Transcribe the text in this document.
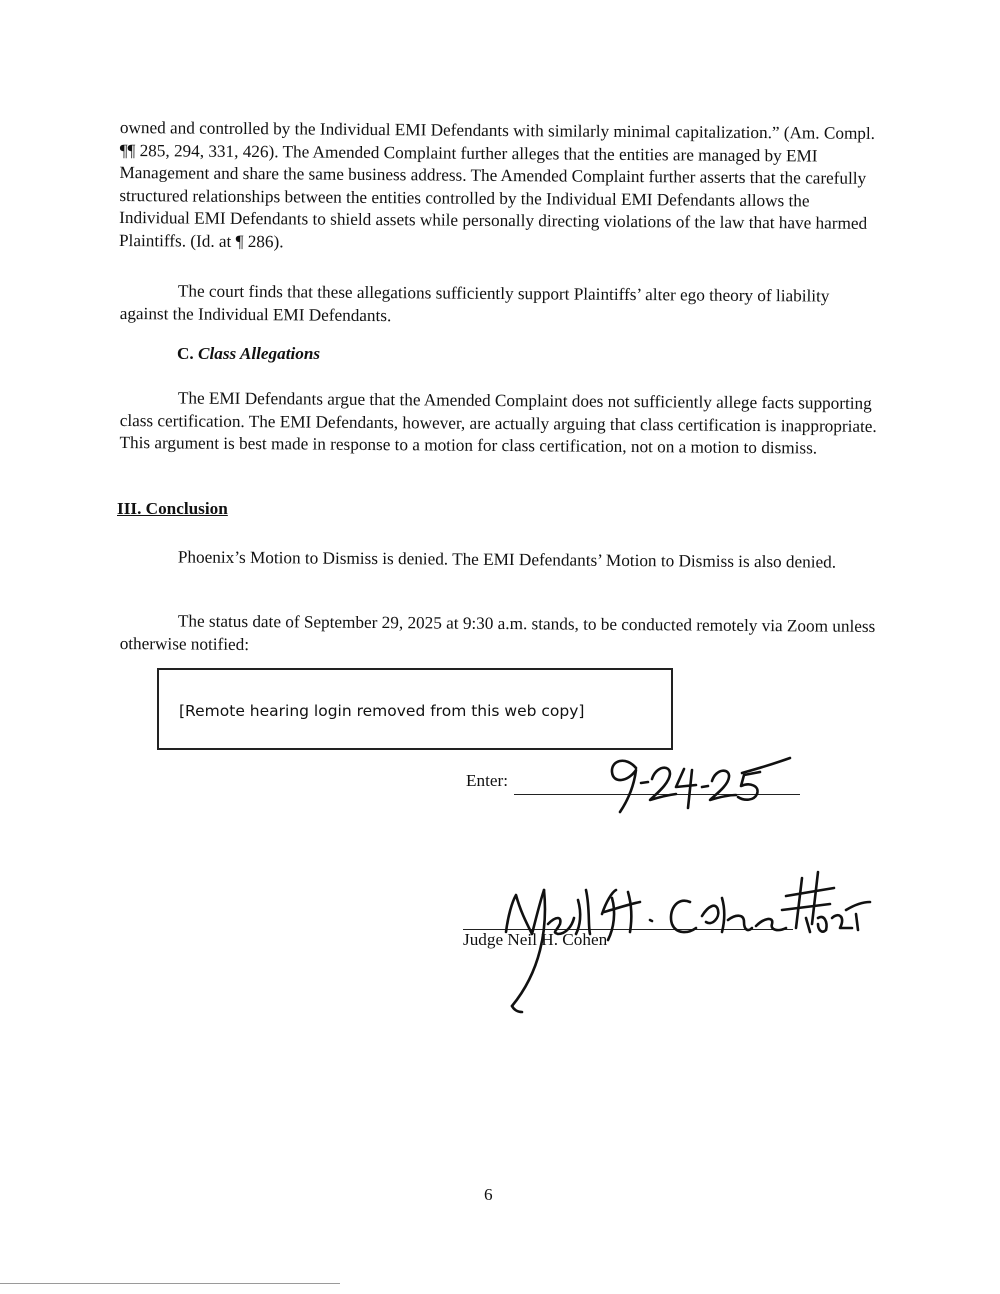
owned and controlled by the Individual EMI Defendants with similarly minimal capitalization.” (Am. Compl. ¶¶ 285, 294, 331, 426). The Amended Complaint further alleges that the entities are managed by EMI Management and share the same business address. The Amended Complaint further asserts that the carefully structured relationships between the entities controlled by the Individual EMI Defendants allows the Individual EMI Defendants to shield assets while personally directing violations of the law that have harmed Plaintiffs. (Id. at ¶ 286).

The court finds that these allegations sufficiently support Plaintiffs’ alter ego theory of liability against the Individual EMI Defendants.

C. Class Allegations

The EMI Defendants argue that the Amended Complaint does not sufficiently allege facts supporting class certification. The EMI Defendants, however, are actually arguing that class certification is inappropriate. This argument is best made in response to a motion for class certification, not on a motion to dismiss.

III. Conclusion

Phoenix’s Motion to Dismiss is denied. The EMI Defendants’ Motion to Dismiss is also denied.

The status date of September 29, 2025 at 9:30 a.m. stands, to be conducted remotely via Zoom unless otherwise notified:

[Remote hearing login removed from this web copy]
Enter:
Judge Neil H. Cohen
6
